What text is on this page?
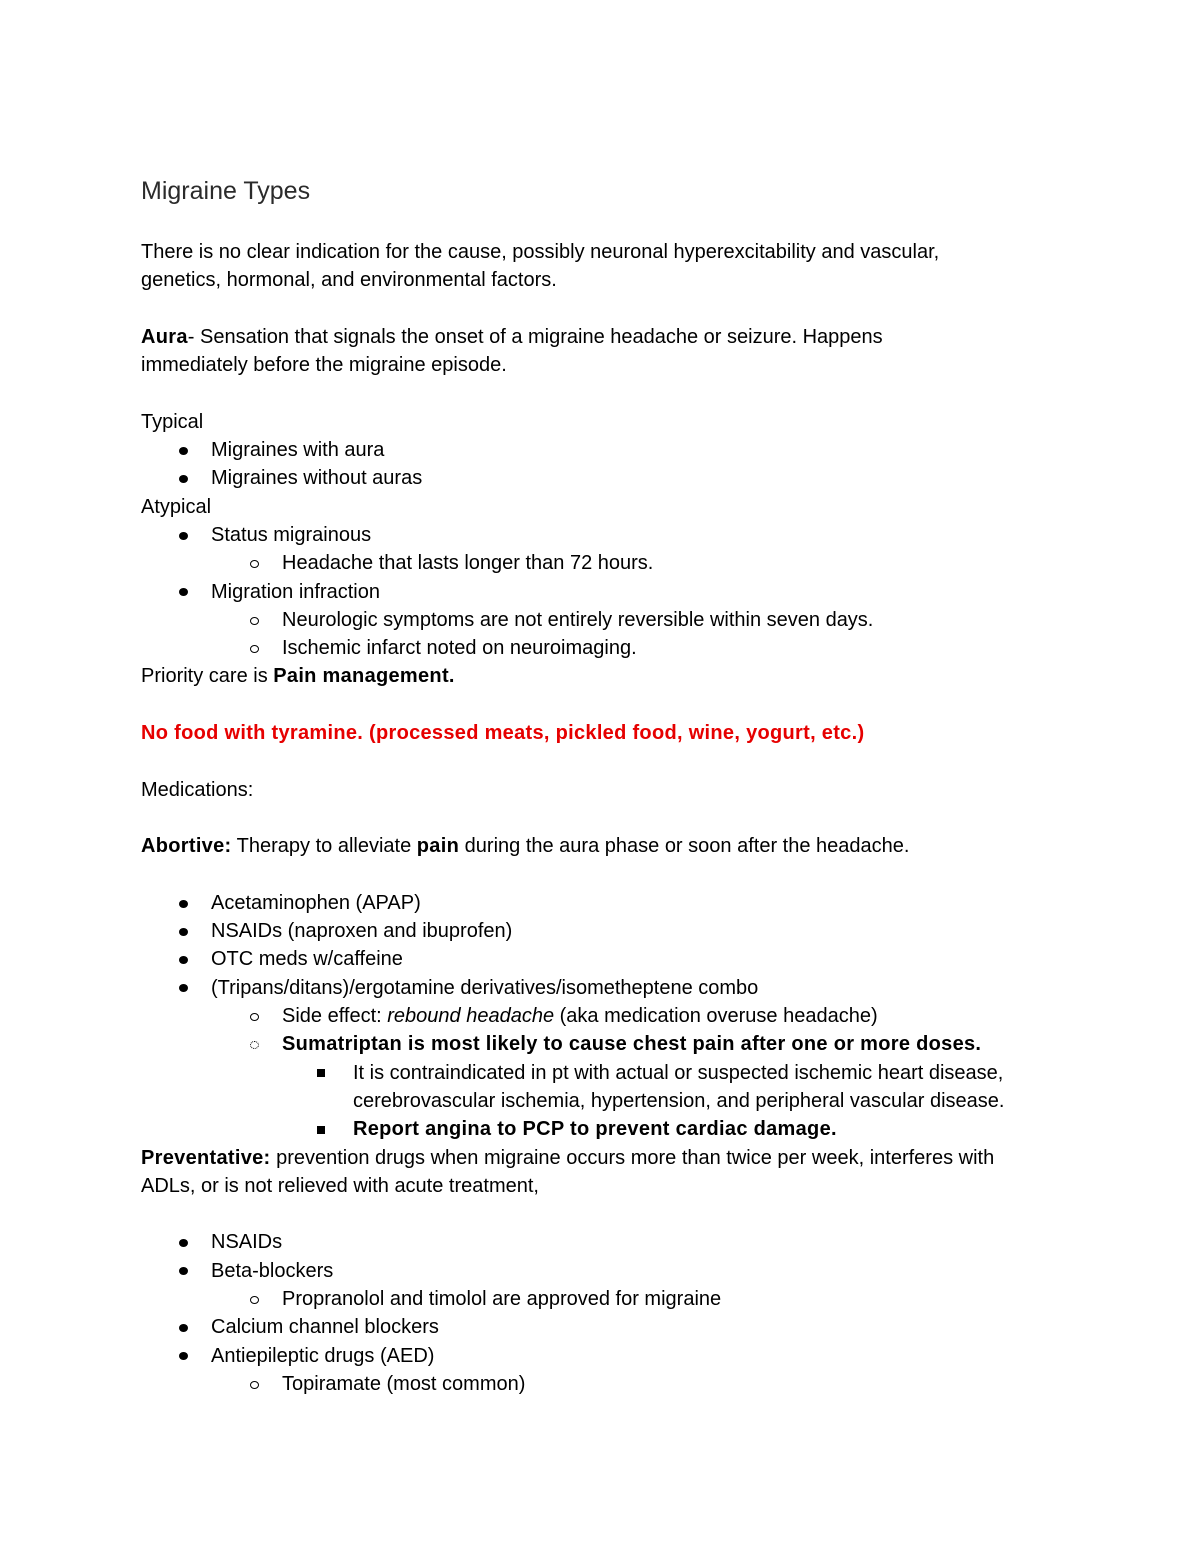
Migraine Types
There is no clear indication for the cause, possibly neuronal hyperexcitability and vascular,
genetics, hormonal, and environmental factors.
Aura- Sensation that signals the onset of a migraine headache or seizure. Happens
immediately before the migraine episode.
Typical
Migraines with aura
Migraines without auras
Atypical
Status migrainous
Headache that lasts longer than 72 hours.
Migration infraction
Neurologic symptoms are not entirely reversible within seven days.
Ischemic infarct noted on neuroimaging.
Priority care is Pain management.
No food with tyramine. (processed meats, pickled food, wine, yogurt, etc.)
Medications:
Abortive: Therapy to alleviate pain during the aura phase or soon after the headache.
Acetaminophen (APAP)
NSAIDs (naproxen and ibuprofen)
OTC meds w/caffeine
(Tripans/ditans)/ergotamine derivatives/isometheptene combo
Side effect: rebound headache (aka medication overuse headache)
Sumatriptan is most likely to cause chest pain after one or more doses.
It is contraindicated in pt with actual or suspected ischemic heart disease,
cerebrovascular ischemia, hypertension, and peripheral vascular disease.
Report angina to PCP to prevent cardiac damage.
Preventative: prevention drugs when migraine occurs more than twice per week, interferes with
ADLs, or is not relieved with acute treatment,
NSAIDs
Beta-blockers
Propranolol and timolol are approved for migraine
Calcium channel blockers
Antiepileptic drugs (AED)
Topiramate (most common)
